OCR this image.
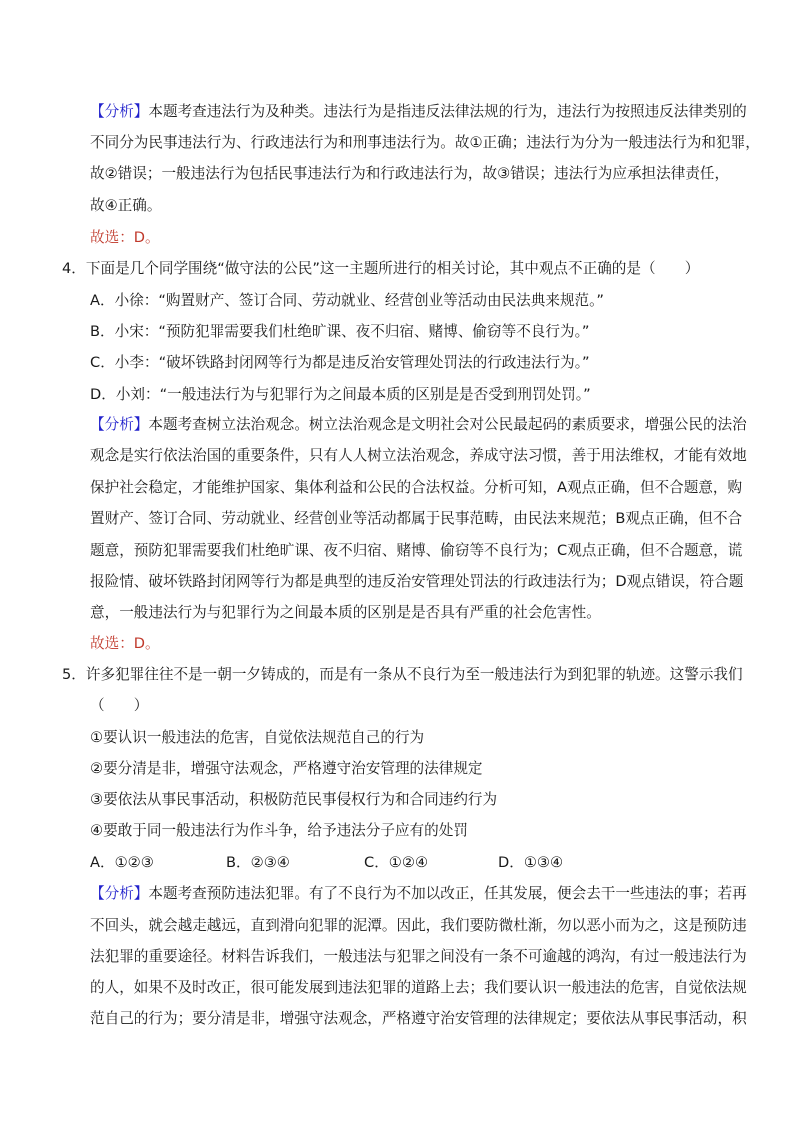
【分析】本题考查违法行为及种类。违法行为是指违反法律法规的行为，违法行为按照违反法律类别的
不同分为民事违法行为、行政违法行为和刑事违法行为。故①正确；违法行为分为一般违法行为和犯罪，
故②错误；一般违法行为包括民事违法行为和行政违法行为，故③错误；违法行为应承担法律责任，
故④正确。
故选：D。
4．下面是几个同学围绕“做守法的公民”这一主题所进行的相关讨论，其中观点不正确的是（　　）
A．小徐：“购置财产、签订合同、劳动就业、经营创业等活动由民法典来规范。”
B．小宋：“预防犯罪需要我们杜绝旷课、夜不归宿、赌博、偷窃等不良行为。”
C．小李：“破坏铁路封闭网等行为都是违反治安管理处罚法的行政违法行为。”
D．小刘：“一般违法行为与犯罪行为之间最本质的区别是是否受到刑罚处罚。”
【分析】本题考查树立法治观念。树立法治观念是文明社会对公民最起码的素质要求，增强公民的法治
观念是实行依法治国的重要条件，只有人人树立法治观念，养成守法习惯，善于用法维权，才能有效地
保护社会稳定，才能维护国家、集体利益和公民的合法权益。分析可知，A观点正确，但不合题意，购
置财产、签订合同、劳动就业、经营创业等活动都属于民事范畴，由民法来规范；B观点正确，但不合
题意，预防犯罪需要我们杜绝旷课、夜不归宿、赌博、偷窃等不良行为；C观点正确，但不合题意，谎
报险情、破坏铁路封闭网等行为都是典型的违反治安管理处罚法的行政违法行为；D观点错误，符合题
意，一般违法行为与犯罪行为之间最本质的区别是是否具有严重的社会危害性。
故选：D。
5．许多犯罪往往不是一朝一夕铸成的，而是有一条从不良行为至一般违法行为到犯罪的轨迹。这警示我们
（　　）
①要认识一般违法的危害，自觉依法规范自己的行为
②要分清是非，增强守法观念，严格遵守治安管理的法律规定
③要依法从事民事活动，积极防范民事侵权行为和合同违约行为
④要敢于同一般违法行为作斗争，给予违法分子应有的处罚
A．①②③	B．②③④	C．①②④	D．①③④
【分析】本题考查预防违法犯罪。有了不良行为不加以改正，任其发展，便会去干一些违法的事；若再
不回头，就会越走越远，直到滑向犯罪的泥潭。因此，我们要防微杜渐，勿以恶小而为之，这是预防违
法犯罪的重要途径。材料告诉我们，一般违法与犯罪之间没有一条不可逾越的鸿沟，有过一般违法行为
的人，如果不及时改正，很可能发展到违法犯罪的道路上去；我们要认识一般违法的危害，自觉依法规
范自己的行为；要分清是非，增强守法观念，严格遵守治安管理的法律规定；要依法从事民事活动，积
